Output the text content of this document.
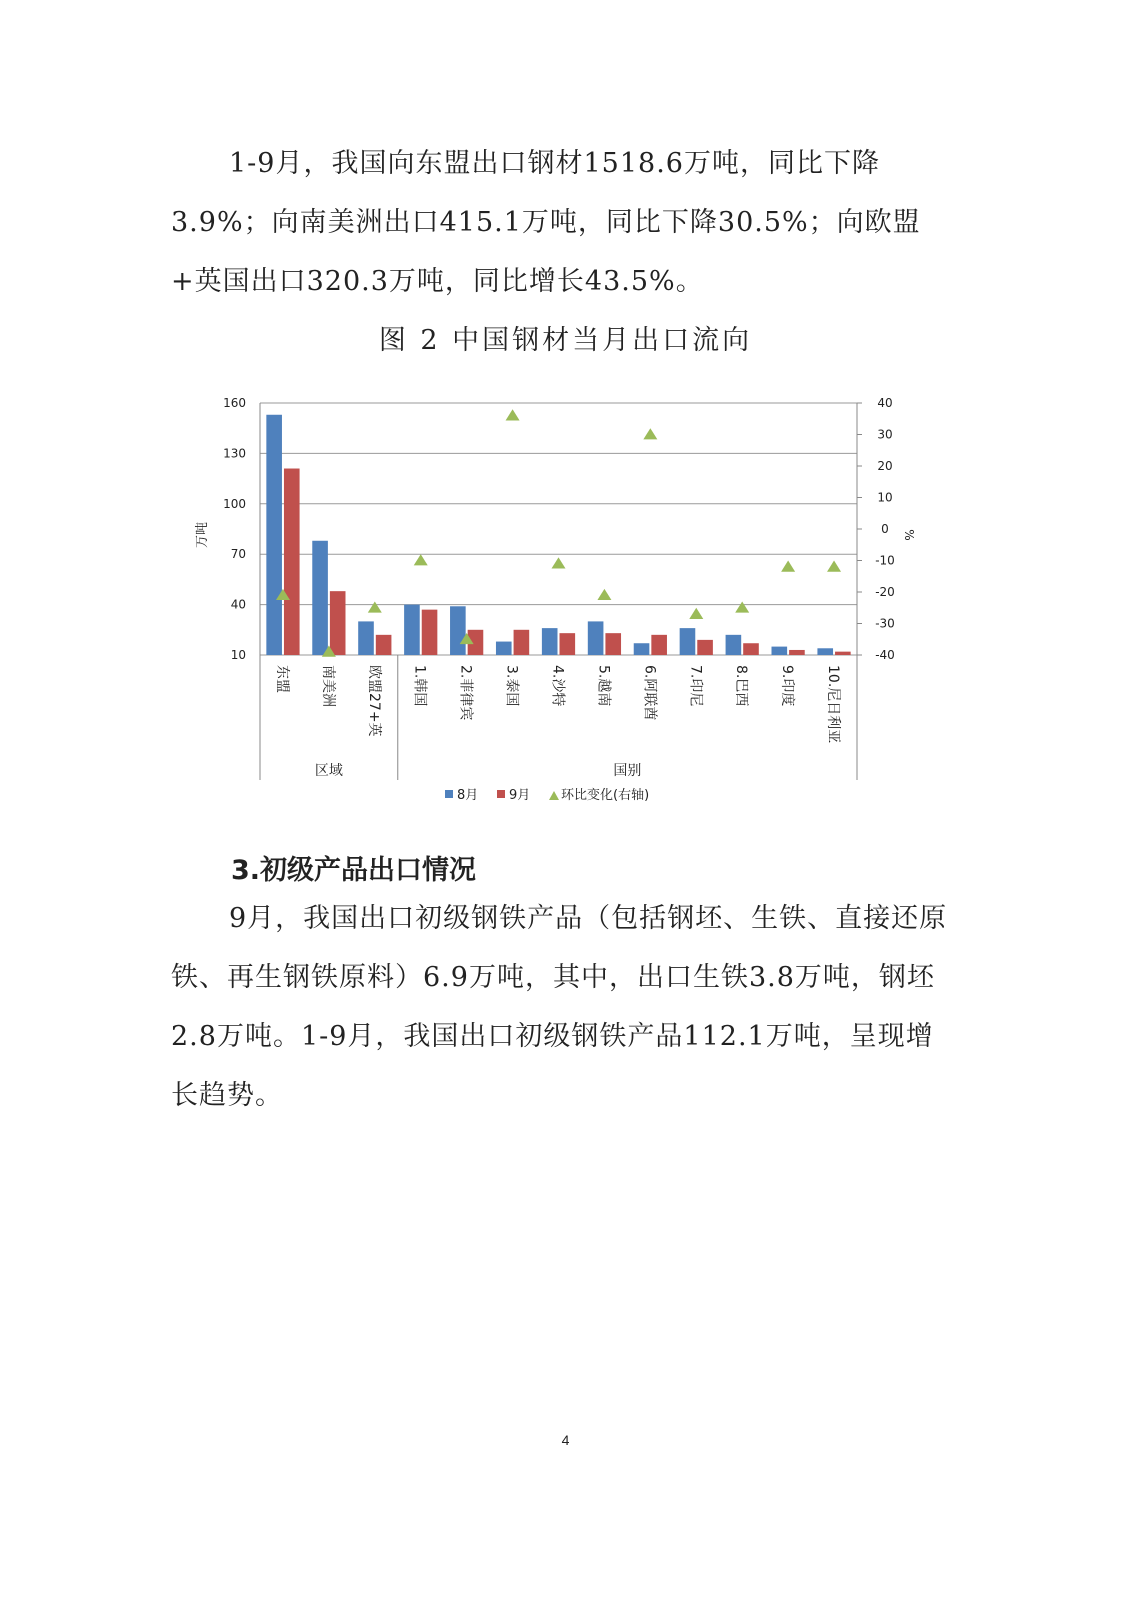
1-9月，我国向东盟出口钢材1518.6万吨，同比下降3.9%；向南美洲出口415.1万吨，同比下降30.5%；向欧盟+英国出口320.3万吨，同比增长43.5%。
图 2 中国钢材当月出口流向
160
130
100
70
40
10
40
30
20
10
0
-10
-20
-30
-40
万吨	%
东盟 南美洲 欧盟27+英 1.韩国 2.菲律宾 3.泰国 4.沙特 5.越南 6.阿联酋 7.印尼 8.巴西 9.印度 10.尼日利亚
区域	国别
8月 9月 环比变化(右轴)
3.初级产品出口情况
9月，我国出口初级钢铁产品（包括钢坯、生铁、直接还原铁、再生钢铁原料）6.9万吨，其中，出口生铁3.8万吨，钢坯2.8万吨。1-9月，我国出口初级钢铁产品112.1万吨，呈现增长趋势。
4
